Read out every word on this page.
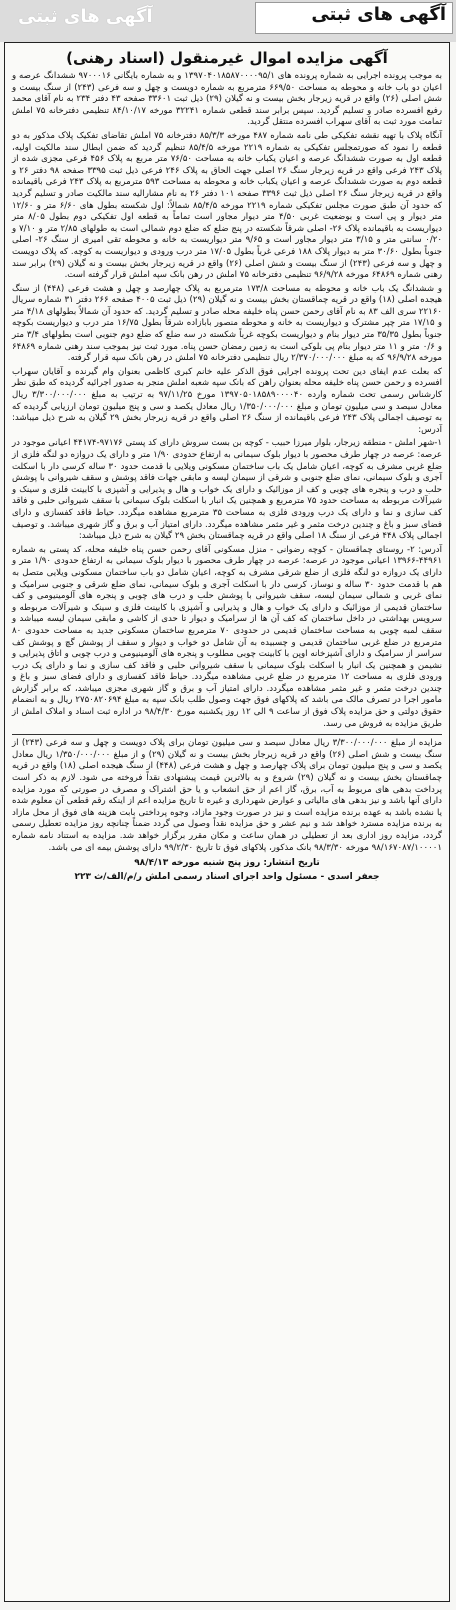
آگهی های ثبتی
آگهی های ثبتی
آگهی مزایده اموال غیرمنقول (اسناد رهنی)

به موجب پرونده اجرایی به شماره پرونده های ۱۳۹۷۰۴۰۱۸۵۸۷۰۰۰۰۹۵/۱ و به شماره بایگانی ۹۷۰۰۰۱۶ ششدانگ عرصه و اعیان دو باب خانه و محوطه به مساحت ۶۶۹/۵۰ مترمربع به شماره دویست و چهل و سه فرعی (۲۴۳) از سنگ بیست و شش اصلی (۲۶) واقع در قریه زیرجار بخش بیست و نه گیلان (۲۹) ذیل ثبت ۳۳۶۰۱ صفحه ۴۳ دفتر ۲۳۴ به نام آقای محمد رفیع افسرده صادر و تسلیم گردید. سپس برابر سند قطعی شماره ۳۲۲۴۱ مورخه ۸۴/۱۰/۱۷ تنظیمی دفترخانه ۷۵ املش تمامت مورد ثبت به آقای سهراب افسرده منتقل گردید.

آنگاه پلاک با تهیه نقشه تفکیکی طی نامه شماره ۴۸۷ مورخه ۸۵/۳/۳ دفترخانه ۷۵ املش تقاضای تفکیک پلاک مذکور به دو قطعه را نمود که صورتمجلس تفکیکی به شماره ۲۲۱۹ مورخه ۸۵/۴/۵ تنظیم گردید که ضمن ابطال سند مالکیت اولیه، قطعه اول به صورت ششدانگ عرصه و اعیان یکباب خانه به مساحت ۷۶/۵۰ متر مربع به پلاک ۴۵۶ فرعی مجزی شده از پلاک ۲۴۳ فرعی واقع در قریه زیرجار سنگ ۲۶ اصلی جهت الحاق به پلاک ۲۴۶ فرعی ذیل ثبت ۳۳۹۵ صفحه ۹۸ دفتر ۲۶ و قطعه دوم به صورت ششدانگ عرصه و اعیان یکباب خانه و محوطه به مساحت ۵۹۳ مترمربع به پلاک ۲۴۳ فرعی باقیمانده واقع در قریه زیرجار سنگ ۲۶ اصلی ذیل ثبت ۳۳۹۶ صفحه ۱۰۱ دفتر ۲۶ به نام مشارالیه سند مالکیت صادر و تسلیم گردید که حدود آن طبق صورت مجلس تفکیکی شماره ۲۲۱۹ مورخه ۸۵/۴/۵ شمالاً: اول شکسته بطول های ۶/۶۰ متر و ۱۲/۶۰ متر دیوار و پی است و بوضعیت غربی ۴/۵۰ متر دیوار مجاور است تماماً به قطعه اول تفکیکی دوم بطول ۸/۰۵ متر دیواریست به باقیمانده پلاک ۲۶- اصلی شرقاً شکسته در پنج ضلع که ضلع دوم شمالی است به طولهای ۲/۸۵ متر و ۷/۱۰ و ۰/۲۰ سانتی متر و ۳/۱۵ متر دیوار مجاور است و ۹/۶۵ متر دیواریست به خانه و محوطه تقی امیری از سنگ ۲۶- اصلی جنوباً بطول ۳۰/۶۰ متر به دیوار پلاک ۱۸۸ فرعی غرباً بطول ۱۷/۰۵ متر درب ورودی و دیواریست به کوچه. که پلاک دویست و چهل و سه فرعی (۲۴۳) از سنگ بیست و شش اصلی (۲۶) واقع در قریه زیرجار بخش بیست و نه گیلان (۲۹) برابر سند رهنی شماره ۶۴۸۶۹ مورخه ۹۶/۹/۲۸ تنظیمی دفترخانه ۷۵ املش در رهن بانک سپه املش قرار گرفته است.

و ششدانگ یک باب خانه و محوطه به مساحت ۱۷۳/۸ مترمربع به پلاک چهارصد و چهل و هشت فرعی (۴۴۸) از سنگ هیجده اصلی (۱۸) واقع در قریه چماقستان بخش بیست و نه گیلان (۲۹) ذیل ثبت ۴۰۰۵ صفحه ۲۶۶ دفتر ۳۱ شماره سریال ۲۲۱۶۰ سری الف ۸۳ به نام آقای رحمن حسن پناه خلیفه محله صادر و تسلیم گردید. که حدود آن شمالاً بطولهای ۴/۱۸ متر و ۱۷/۱۵ متر چپر مشترک و دیواریست به خانه و محوطه منصور بابازاده شرقاً بطول ۱۶/۷۵ متر درب و دیواریست بکوچه جنوباً بطول ۳۵/۳۵ متر دیوار بنام و دیواریست بکوچه غرباً شکسته در سه ضلع که ضلع دوم جنوبی است بطولهای ۳/۴ متر و ۰/۶ متر و ۱۱ متر دیوار بنام پی بلوکی است به زمین رمضان حسن پناه. مورد ثبت نیز بموجب سند رهنی شماره ۶۴۸۶۹ مورخه ۹۶/۹/۲۸ که به مبلغ ۲/۳۷۰/۰۰۰/۰۰۰ ریال تنظیمی دفترخانه ۷۵ املش در رهن بانک سپه قرار گرفته.

که بعلت عدم ایفای دین تحت پرونده اجرایی فوق الذکر علیه خانم کبری کاظمی بعنوان وام گیرنده و آقایان سهراب افسرده و رحمن حسن پناه خلیفه محله بعنوان راهن که بانک سپه شعبه املش منجر به صدور اجرائیه گردیده که طبق نظر کارشناس رسمی تحت شماره وارده ۱۳۹۷۰۵۰۱۸۵۸۹۰۰۰۰۴۰ مورخ ۹۷/۱۱/۲۵ به ترتیب به مبلغ ۳/۳۰۰/۰۰۰/۰۰۰ ریال معادل سیصد و سی میلیون تومان و مبلغ ۱/۳۵۰/۰۰۰/۰۰۰ ریال معادل یکصد و سی و پنج میلیون تومان ارزیابی گردیده که به توصیف اجمالی پلاک ۲۴۳ فرعی باقیمانده از سنگ ۲۶ اصلی واقع در قریه زیرجار بخش ۲۹ گیلان به شرح ذیل میباشد: آدرس:

۱-شهر املش - منطقه زیرجار، بلوار میرزا حبیب - کوچه بن بست سروش دارای کد پستی ۹۷۱۷۶-۴۴۱۷۴ اعیانی موجود در عرصه: عرصه در چهار طرف محصور با دیوار بلوک سیمانی به ارتفاع حدودی ۱/۹۰ متر و دارای یک دروازه دو لنگه فلزی از ضلع غربی مشرف به کوچه، اعیان شامل یک باب ساختمان مسکونی ویلایی با قدمت حدود ۳۰ ساله کرسی دار با اسکلت آجری و بلوک سیمانی، نمای ضلع جنوبی و شرقی از سیمان لیسه و مابقی جهات فاقد پوشش و سقف شیروانی با پوشش حلب و درب و پنجره های چوبی و کف از موزائیک و دارای یک خواب و هال و پذیرایی و آشپزی با کابینت فلزی و سینک و شیرآلات مربوطه به مساحت حدود ۷۵ مترمربع و همچنین یک انبار با اسکلت بلوک سیمانی با سقف شیروانی حلبی و فاقد کف سازی و نما و دارای یک درب ورودی فلزی به مساحت ۳۵ مترمربع مشاهده میگردد. حیاط فاقد کفسازی و دارای فضای سبز و باغ و چندین درخت مثمر و غیر مثمر مشاهده میگردد. دارای امتیاز آب و برق و گاز شهری میباشد. و توصیف اجمالی پلاک ۴۴۸ فرعی از سنگ ۱۸ اصلی واقع در قریه چماقستان بخش ۲۹ گیلان به شرح ذیل میباشد:

آدرس: ۲- روستای چماقستان - کوچه رضوانی - منزل مسکونی آقای رحمن حسن پناه خلیفه محله، کد پستی به شماره ۴۴۹۶۱-۱۳۹۶۶ اعیانی موجود در عرصه: عرصه در چهار طرف محصور با دیوار بلوک سیمانی به ارتفاع حدودی ۱/۹۰ متر و دارای یک دروازه دو لنگه فلزی از ضلع شرقی مشرف به کوچه، اعیان شامل دو باب ساختمان مسکونی ویلایی متصل به هم با قدمت حدود ۳۰ ساله و نوساز، کرسی دار با اسکلت آجری و بلوک سیمانی، نمای ضلع شرقی و جنوبی سرامیک و نمای غربی و شمالی سیمان لیسه، سقف شیروانی با پوشش حلب و درب های چوبی و پنجره های آلومینیومی و کف ساختمان قدیمی از موزائیک و دارای یک خواب و هال و پذیرایی و آشپزی با کابینت فلزی و سینک و شیرآلات مربوطه و سرویس بهداشتی در داخل ساختمان که کف آن ها از سرامیک و دیوار تا حدی از کاشی و مابقی سیمان لیسه میباشد و سقف لمبه چوبی به مساحت ساختمان قدیمی در حدودی ۷۰ مترمربع ساختمان مسکونی جدید به مساحت حدودی ۸۰ مترمربع در ضلع غربی ساختمان قدیمی و چسبیده به آن شامل دو خواب و دیوار و سقف از پوشش گچ و پوشش کف سراسر از سرامیک و دارای آشپزخانه اوپن با کابینت چوبی مطلوب و پنجره های آلومینیومی و درب چوبی و اتاق پذیرایی و نشیمن و همچنین یک انبار با اسکلت بلوک سیمانی با سقف شیروانی حلبی و فاقد کف سازی و نما و دارای یک درب ورودی فلزی به مساحت ۱۲ مترمربع در ضلع غربی مشاهده میگردد. حیاط فاقد کفسازی و دارای فضای سبز و باغ و چندین درخت مثمر و غیر مثمر مشاهده میگردد. دارای امتیاز آب و برق و گاز شهری مجزی میباشد، که برابر گزارش مامور اجرا در تصرف مالک می باشد که پلاکهای فوق جهت وصول طلب بانک سپه به مبلغ ۲۷۵۰۸۲۰۶۹۴ ریال و به انضمام حقوق دولتی و حق مزایده پلاک فوق از ساعت ۹ الی ۱۲ روز یکشنبه مورخ ۹۸/۴/۳۰ در اداره ثبت اسناد و املاک املش از طریق مزایده به فروش می رسد.

مزایده از مبلغ ۳/۳۰۰/۰۰۰/۰۰۰ ریال معادل سیصد و سی میلیون تومان برای پلاک دویست و چهل و سه فرعی (۲۴۳) از سنگ بیست و شش اصلی (۲۶) واقع در قریه زیرجار بخش بیست و نه گیلان (۲۹) و از مبلغ ۱/۳۵۰/۰۰۰/۰۰۰ ریال معادل یکصد و سی و پنج میلیون تومان برای پلاک چهارصد و چهل و هشت فرعی (۴۴۸) از سنگ هیجده اصلی (۱۸) واقع در قریه چماقستان بخش بیست و نه گیلان (۲۹) شروع و به بالاترین قیمت پیشنهادی نقداً فروخته می شود. لازم به ذکر است پرداخت بدهی های مربوط به آب، برق، گاز اعم از حق انشعاب و یا حق اشتراک و مصرف در صورتی که مورد مزایده دارای آنها باشد و نیز بدهی های مالیاتی و عوارض شهرداری و غیره تا تاریخ مزایده اعم از اینکه رقم قطعی آن معلوم شده یا نشده باشد به عهده برنده مزایده است و نیز در صورت وجود مازاد، وجوه پرداختی بابت هزینه های فوق از محل مازاد به برنده مزایده مسترد خواهد شد و نیم عشر و حق مزایده نقداً وصول می گردد ضمناً چنانچه روز مزایده تعطیل رسمی گردد، مزایده روز اداری بعد از تعطیلی در همان ساعت و مکان مقرر برگزار خواهد شد. مزایده به استناد نامه شماره ۹۸/۱۶۷۰۸۷/۱۰۰۰۰۱ مورخه ۹۸/۳/۳۰ بانک مذکور، پلاکهای فوق تا تاریخ ۹۹/۲/۳۰ دارای پوشش بیمه ای می باشد.

تاریخ انتشار: روز پنج شنبه مورخه ۹۸/۴/۱۳
جعفر اسدی - مسئول واحد اجرای اسناد رسمی املش ر/م/الف/ث ۲۲۳
